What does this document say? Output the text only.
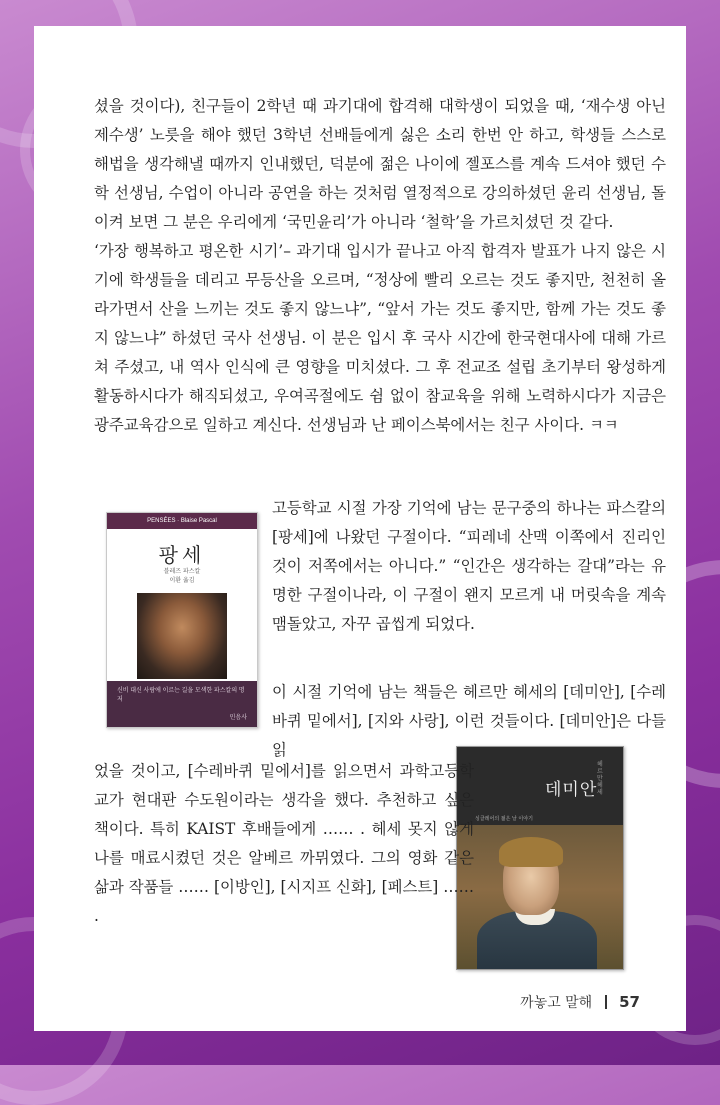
셨을 것이다), 친구들이 2학년 때 과기대에 합격해 대학생이 되었을 때, ‘재수생 아닌 제수생’ 노릇을 해야 했던 3학년 선배들에게 싫은 소리 한번 안 하고, 학생들 스스로 해법을 생각해낼 때까지 인내했던, 덕분에 젊은 나이에 젤포스를 계속 드셔야 했던 수학 선생님, 수업이 아니라 공연을 하는 것처럼 열정적으로 강의하셨던 윤리 선생님, 돌이켜 보면 그 분은 우리에게 ‘국민윤리’가 아니라 ‘철학’을 가르치셨던 것 같다.
‘가장 행복하고 평온한 시기’– 과기대 입시가 끝나고 아직 합격자 발표가 나지 않은 시기에 학생들을 데리고 무등산을 오르며, “정상에 빨리 오르는 것도 좋지만, 천천히 올라가면서 산을 느끼는 것도 좋지 않느냐”, “앞서 가는 것도 좋지만, 함께 가는 것도 좋지 않느냐” 하셨던 국사 선생님. 이 분은 입시 후 국사 시간에 한국현대사에 대해 가르쳐 주셨고, 내 역사 인식에 큰 영향을 미치셨다. 그 후 전교조 설립 초기부터 왕성하게 활동하시다가 해직되셨고, 우여곡절에도 쉼 없이 참교육을 위해 노력하시다가 지금은 광주교육감으로 일하고 계신다. 선생님과 난 페이스북에서는 친구 사이다. ㅋㅋ
PENSÉES · Blaise Pascal
팡세
블레즈 파스칼
이환 옮김
신비 대신 사람에 이르는 길을 모색한 파스칼의 명저
민음사
고등학교 시절 가장 기억에 남는 문구중의 하나는 파스칼의 [팡세]에 나왔던 구절이다. “피레네 산맥 이쪽에서 진리인 것이 저쪽에서는 아니다.” “인간은 생각하는 갈대”라는 유명한 구절이나라, 이 구절이 왠지 모르게 내 머릿속을 계속 맴돌았고, 자꾸 곱씹게 되었다.
이 시절 기억에 남는 책들은 헤르만 헤세의 [데미안], [수레바퀴 밑에서], [지와 사랑], 이런 것들이다. [데미안]은 다들 읽
데미안
헤르만 헤세
싱클레어의 젊은 날 이야기
었을 것이고, [수레바퀴 밑에서]를 읽으면서 과학고등학교가 현대판 수도원이라는 생각을 했다. 추천하고 싶은 책이다. 특히 KAIST 후배들에게 …… . 헤세 못지 않게 나를 매료시켰던 것은 알베르 까뮈였다. 그의 영화 같은 삶과 작품들 …… [이방인], [시지프 신화], [페스트] …… .
까놓고 말해 57
